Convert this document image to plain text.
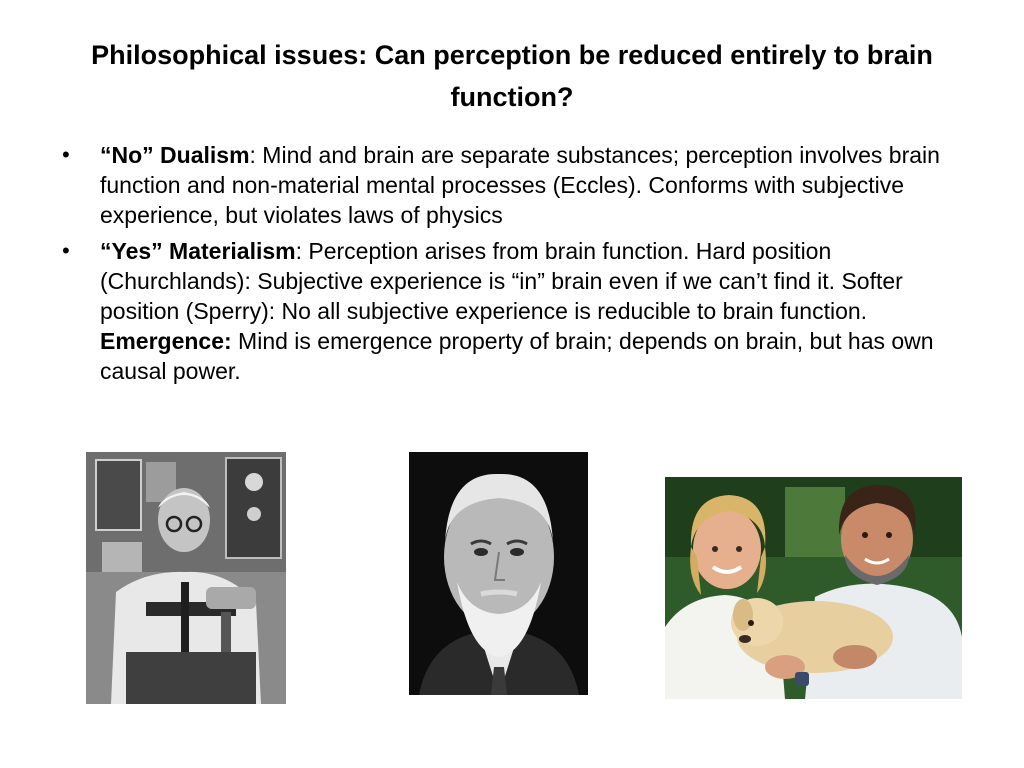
Philosophical issues: Can perception be reduced entirely to brain function?
• “No” Dualism: Mind and brain are separate substances; perception involves brain function and non-material mental processes (Eccles). Conforms with subjective experience, but violates laws of physics
• “Yes” Materialism: Perception arises from brain function. Hard position (Churchlands): Subjective experience is “in” brain even if we can’t find it. Softer position (Sperry): No all subjective experience is reducible to brain function. Emergence: Mind is emergence property of brain; depends on brain, but has own causal power.
